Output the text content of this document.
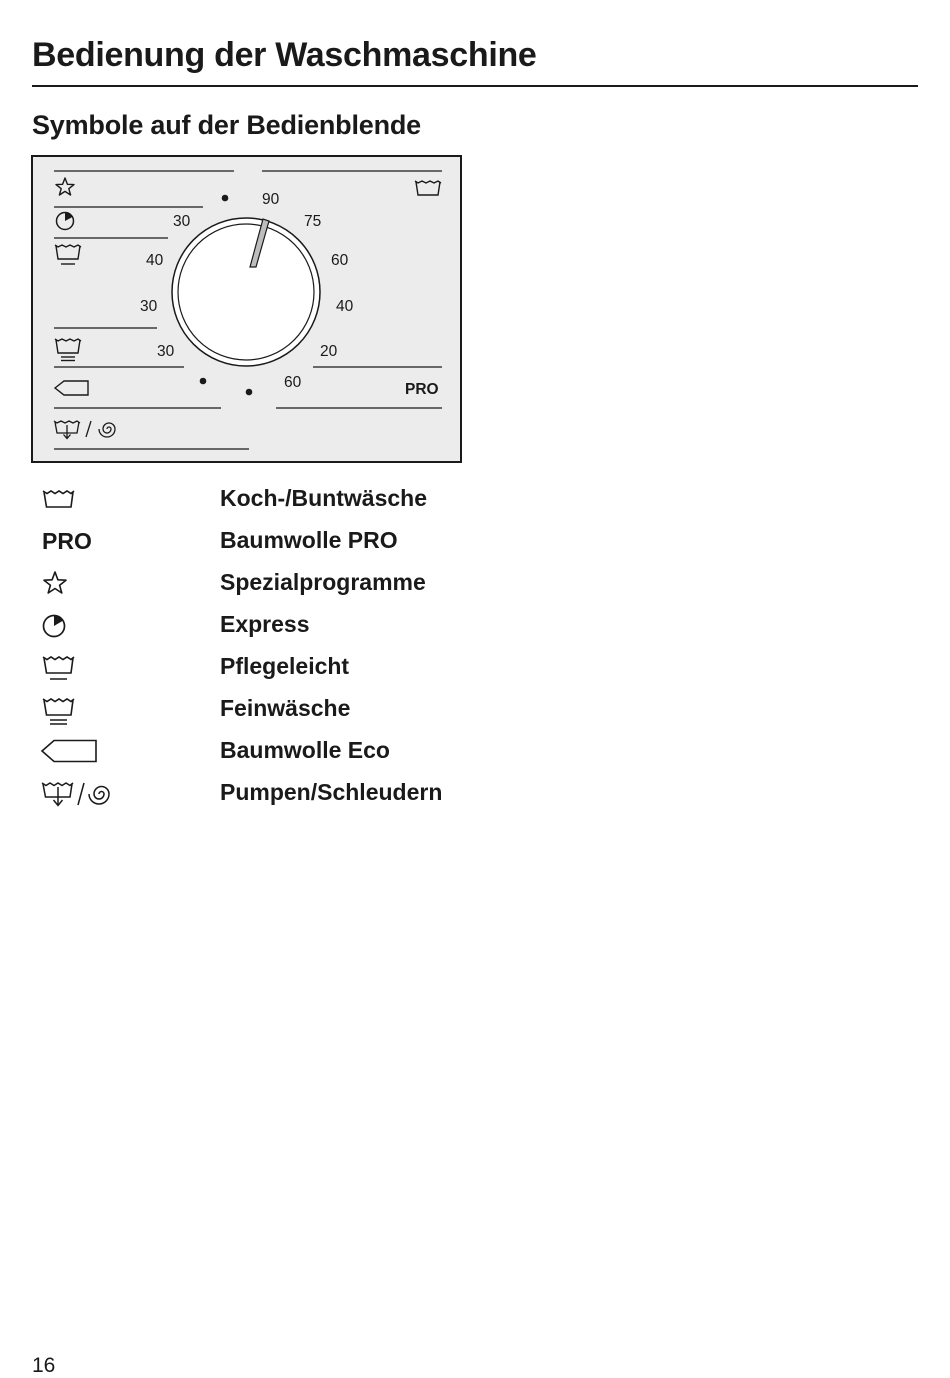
Bedienung der Waschmaschine
Symbole auf der Bedienblende
90
75
60
40
20
60
30
40
30
30
PRO
Koch-/Buntwäsche
PRO	Baumwolle PRO
Spezialprogramme
Express
Pflegeleicht
Feinwäsche
Baumwolle Eco
Pumpen/Schleudern
16
